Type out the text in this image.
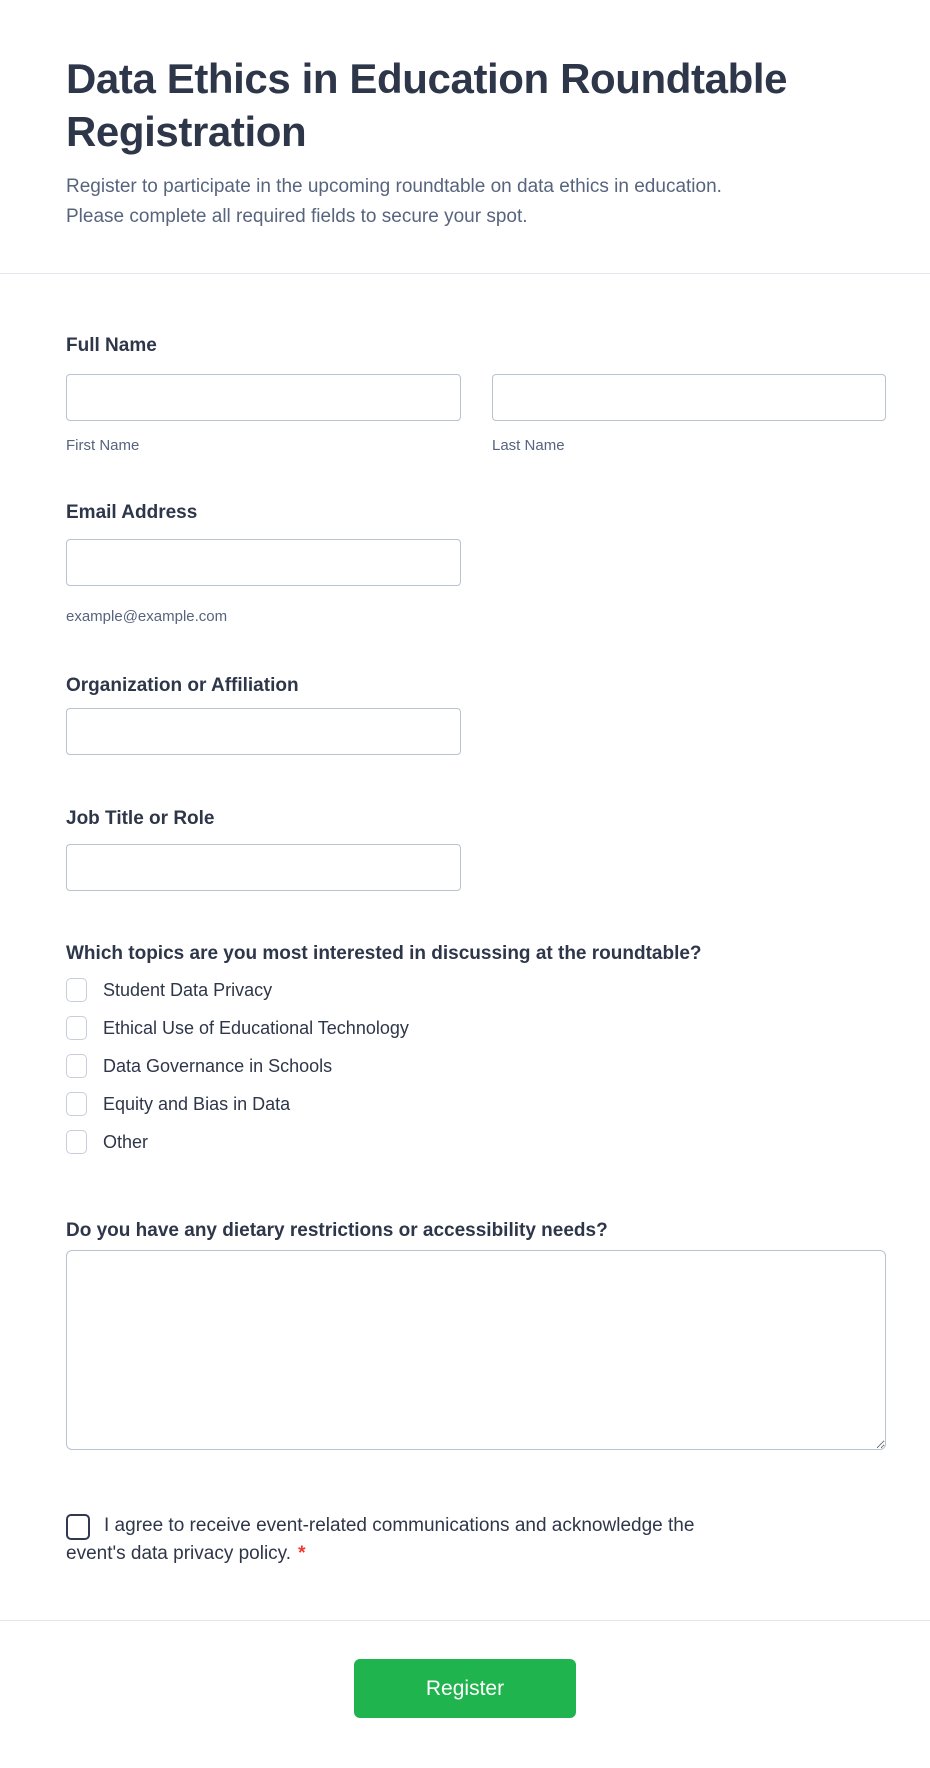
Data Ethics in Education Roundtable
Registration

Register to participate in the upcoming roundtable on data ethics in education.
Please complete all required fields to secure your spot.

Full Name
First Name	Last Name
Email Address
example@example.com
Organization or Affiliation
Job Title or Role
Which topics are you most interested in discussing at the roundtable?
Student Data Privacy
Ethical Use of Educational Technology
Data Governance in Schools
Equity and Bias in Data
Other
Do you have any dietary restrictions or accessibility needs?

I agree to receive event-related communications and acknowledge the
event's data privacy policy. *

Register
